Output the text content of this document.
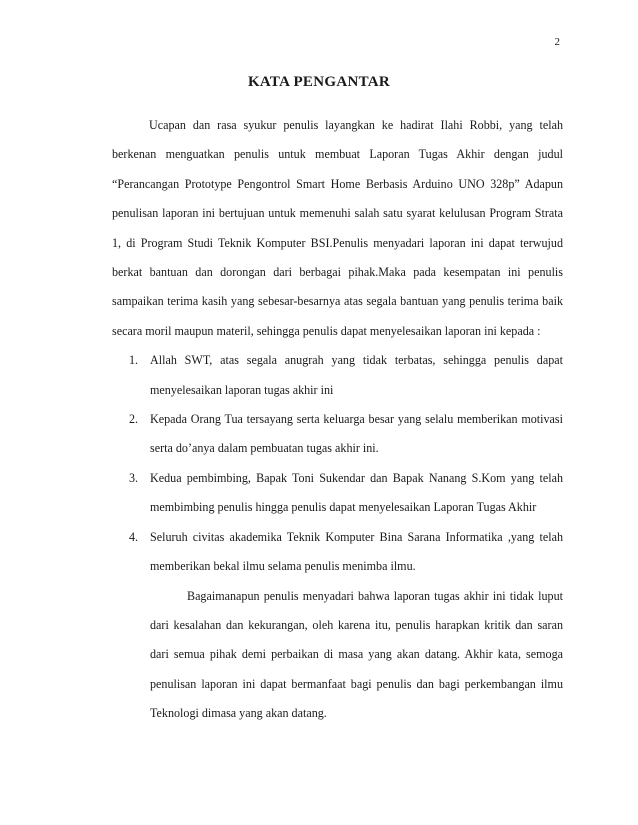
2
KATA PENGANTAR

Ucapan dan rasa syukur penulis layangkan ke hadirat Ilahi Robbi, yang telah berkenan menguatkan penulis untuk membuat Laporan Tugas Akhir dengan judul “Perancangan Prototype Pengontrol Smart Home Berbasis Arduino UNO 328p” Adapun penulisan laporan ini bertujuan untuk memenuhi salah satu syarat kelulusan Program Strata 1, di Program Studi Teknik Komputer BSI.Penulis menyadari laporan ini dapat terwujud berkat bantuan dan dorongan dari berbagai pihak.Maka pada kesempatan ini penulis sampaikan terima kasih yang sebesar-besarnya atas segala bantuan yang penulis terima baik secara moril maupun materil, sehingga penulis dapat menyelesaikan laporan ini kepada :

1. Allah SWT, atas segala anugrah yang tidak terbatas, sehingga penulis dapat menyelesaikan laporan tugas akhir ini
2. Kepada Orang Tua tersayang serta keluarga besar yang selalu memberikan motivasi serta do’anya dalam pembuatan tugas akhir ini.
3. Kedua pembimbing, Bapak Toni Sukendar dan Bapak Nanang S.Kom yang telah membimbing penulis hingga penulis dapat menyelesaikan Laporan Tugas Akhir
4. Seluruh civitas akademika Teknik Komputer Bina Sarana Informatika ,yang telah memberikan bekal ilmu selama penulis menimba ilmu.

Bagaimanapun penulis menyadari bahwa laporan tugas akhir ini tidak luput dari kesalahan dan kekurangan, oleh karena itu, penulis harapkan kritik dan saran dari semua pihak demi perbaikan di masa yang akan datang. Akhir kata, semoga penulisan laporan ini dapat bermanfaat bagi penulis dan bagi perkembangan ilmu Teknologi dimasa yang akan datang.
